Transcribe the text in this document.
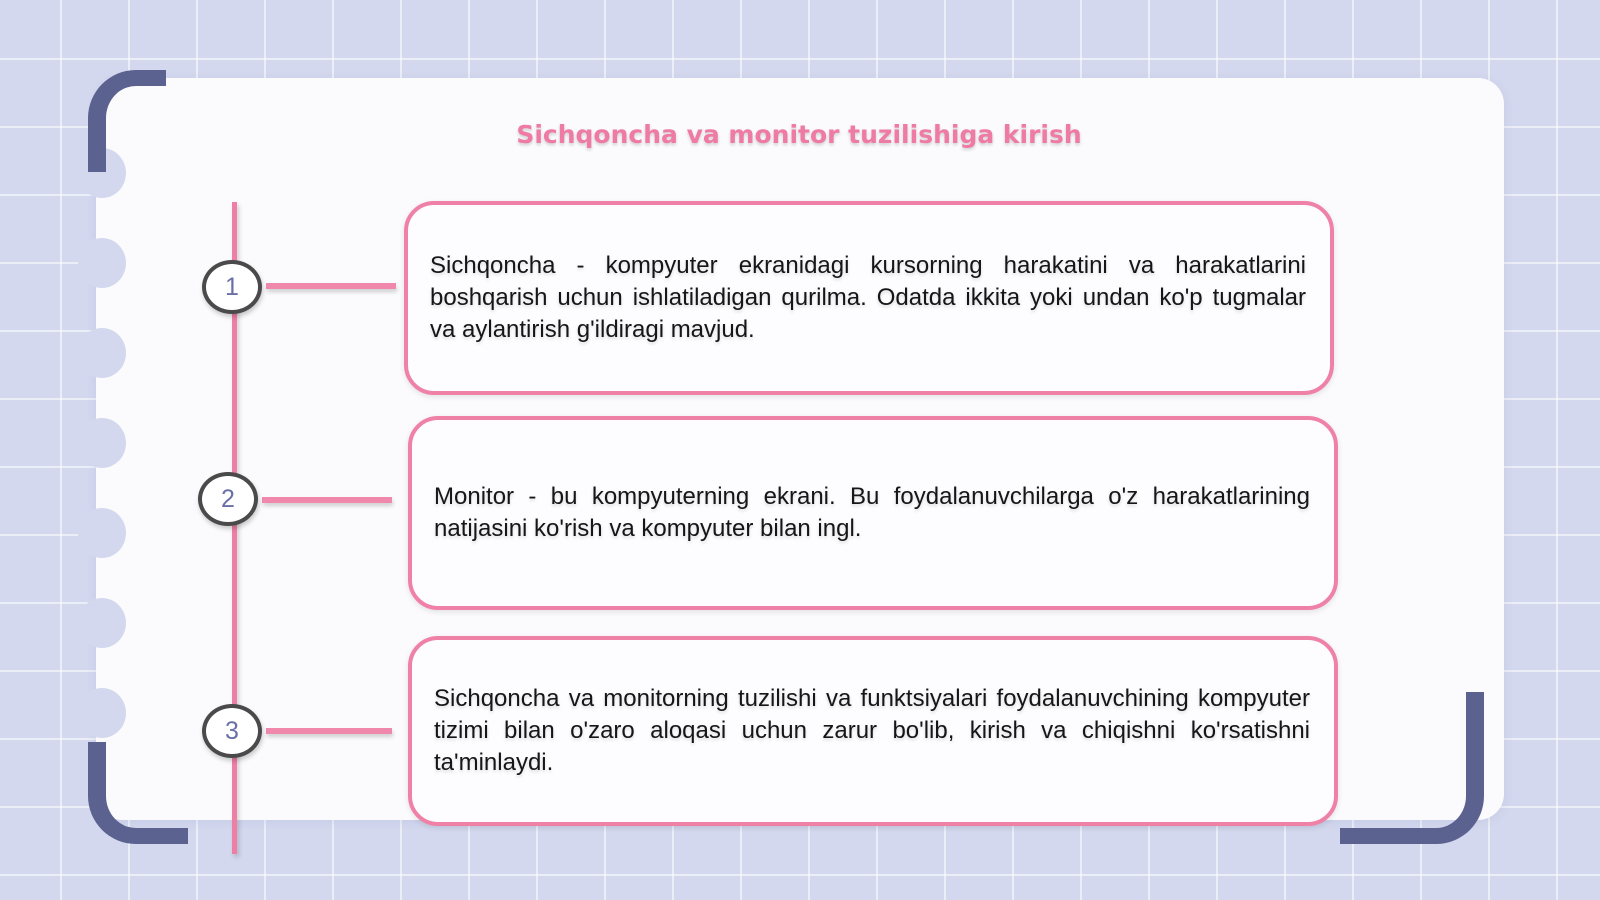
Sichqoncha va monitor tuzilishiga kirish
1
2
3

Sichqoncha - kompyuter ekranidagi kursorning harakatini va harakatlarini boshqarish uchun ishlatiladigan qurilma. Odatda ikkita yoki undan ko'p tugmalar va aylantirish g'ildiragi mavjud.

Monitor - bu kompyuterning ekrani. Bu foydalanuvchilarga o'z harakatlarining natijasini ko'rish va kompyuter bilan ingl.

Sichqoncha va monitorning tuzilishi va funktsiyalari foydalanuvchining kompyuter tizimi bilan o'zaro aloqasi uchun zarur bo'lib, kirish va chiqishni ko'rsatishni ta'minlaydi.
